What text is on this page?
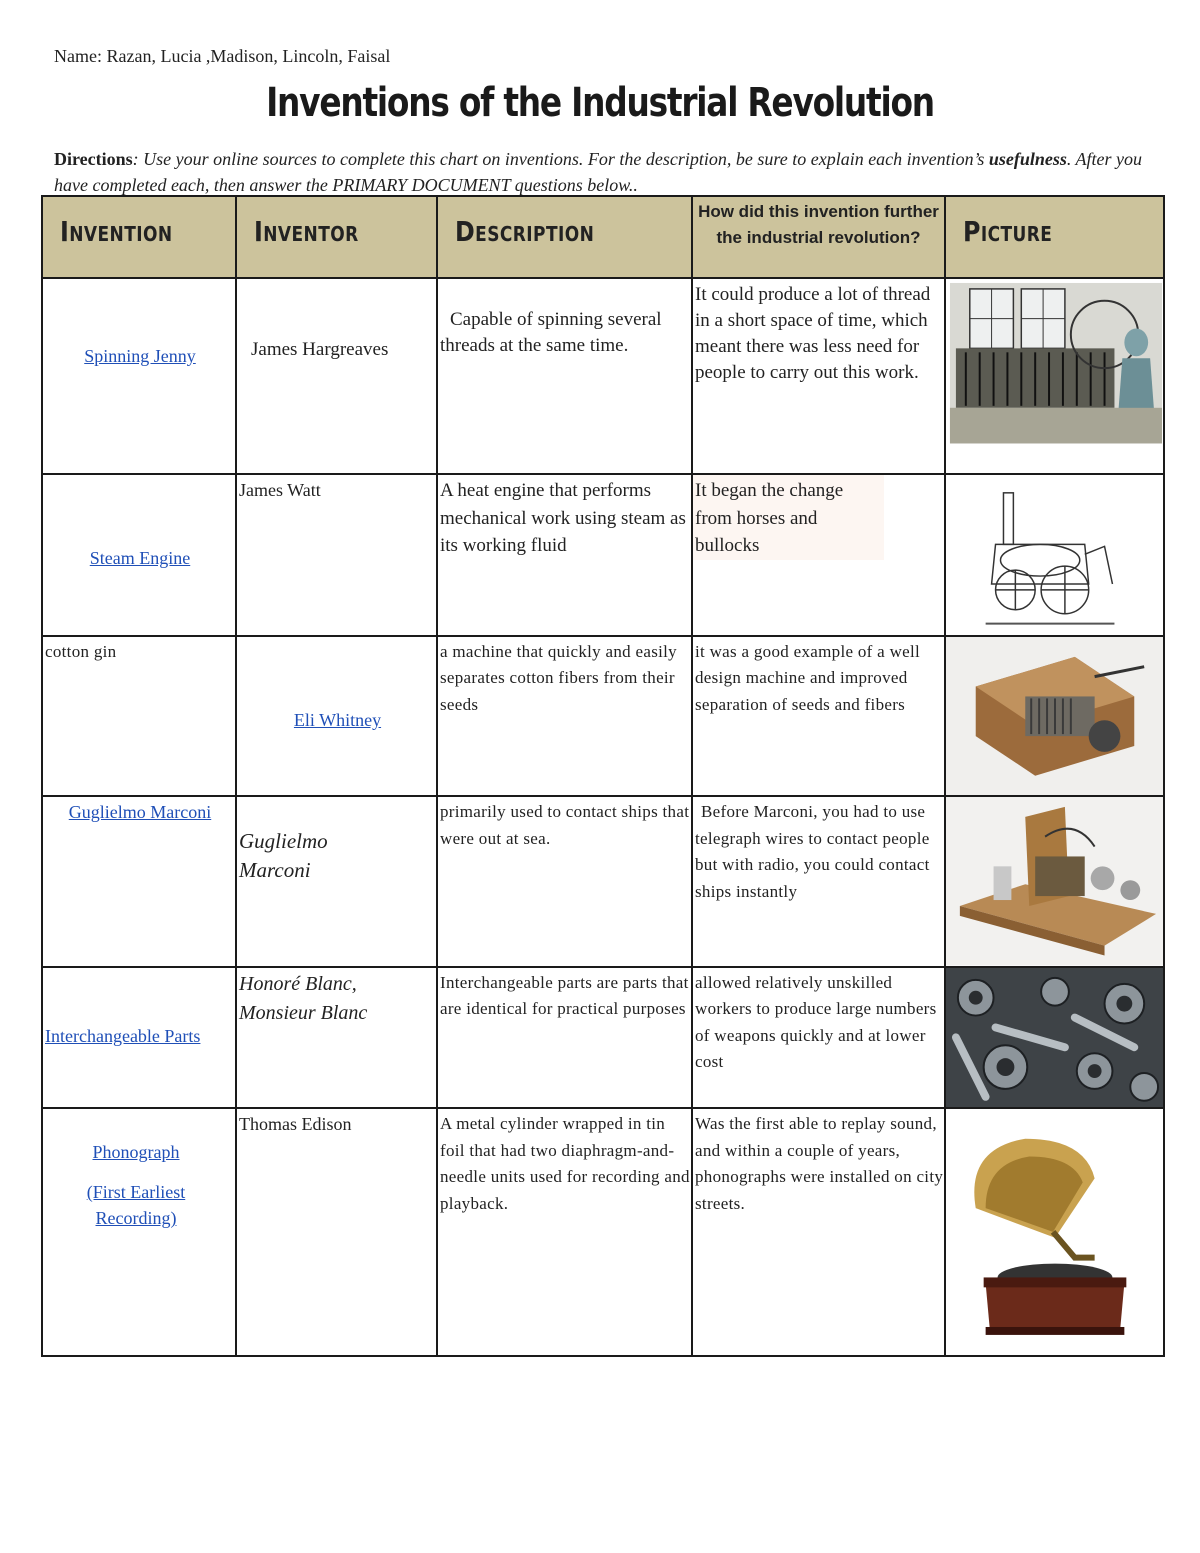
Name: Razan, Lucia ,Madison, Lincoln, Faisal
Inventions of the Industrial Revolution
Directions: Use your online sources to complete this chart on inventions. For the description, be sure to explain each invention’s usefulness. After you have completed each, then answer the PRIMARY DOCUMENT questions below..
Invention	Inventor	Description	How did this invention further the industrial revolution?	Picture

Spinning Jenny	James Hargreaves	Capable of spinning several threads at the same time.	It could produce a lot of thread in a short space of time, which meant there was less need for people to carry out this work.

Steam Engine	James Watt	A heat engine that performs mechanical work using steam as its working fluid	It began the change from horses and bullocks

cotton gin	Eli Whitney	a machine that quickly and easily separates cotton fibers from their seeds	it was a good example of a well design machine and improved separation of seeds and fibers

Guglielmo Marconi	Guglielmo Marconi	primarily used to contact ships that were out at sea.	Before Marconi, you had to use telegraph wires to contact people but with radio, you could contact ships instantly

Interchangeable Parts	Honoré Blanc, Monsieur Blanc	Interchangeable parts are parts that are identical for practical purposes	allowed relatively unskilled workers to produce large numbers of weapons quickly and at lower cost

Phonograph
(First Earliest Recording)	Thomas Edison	A metal cylinder wrapped in tin foil that had two diaphragm-and-needle units used for recording and playback.	Was the first able to replay sound, and within a couple of years, phonographs were installed on city streets.
